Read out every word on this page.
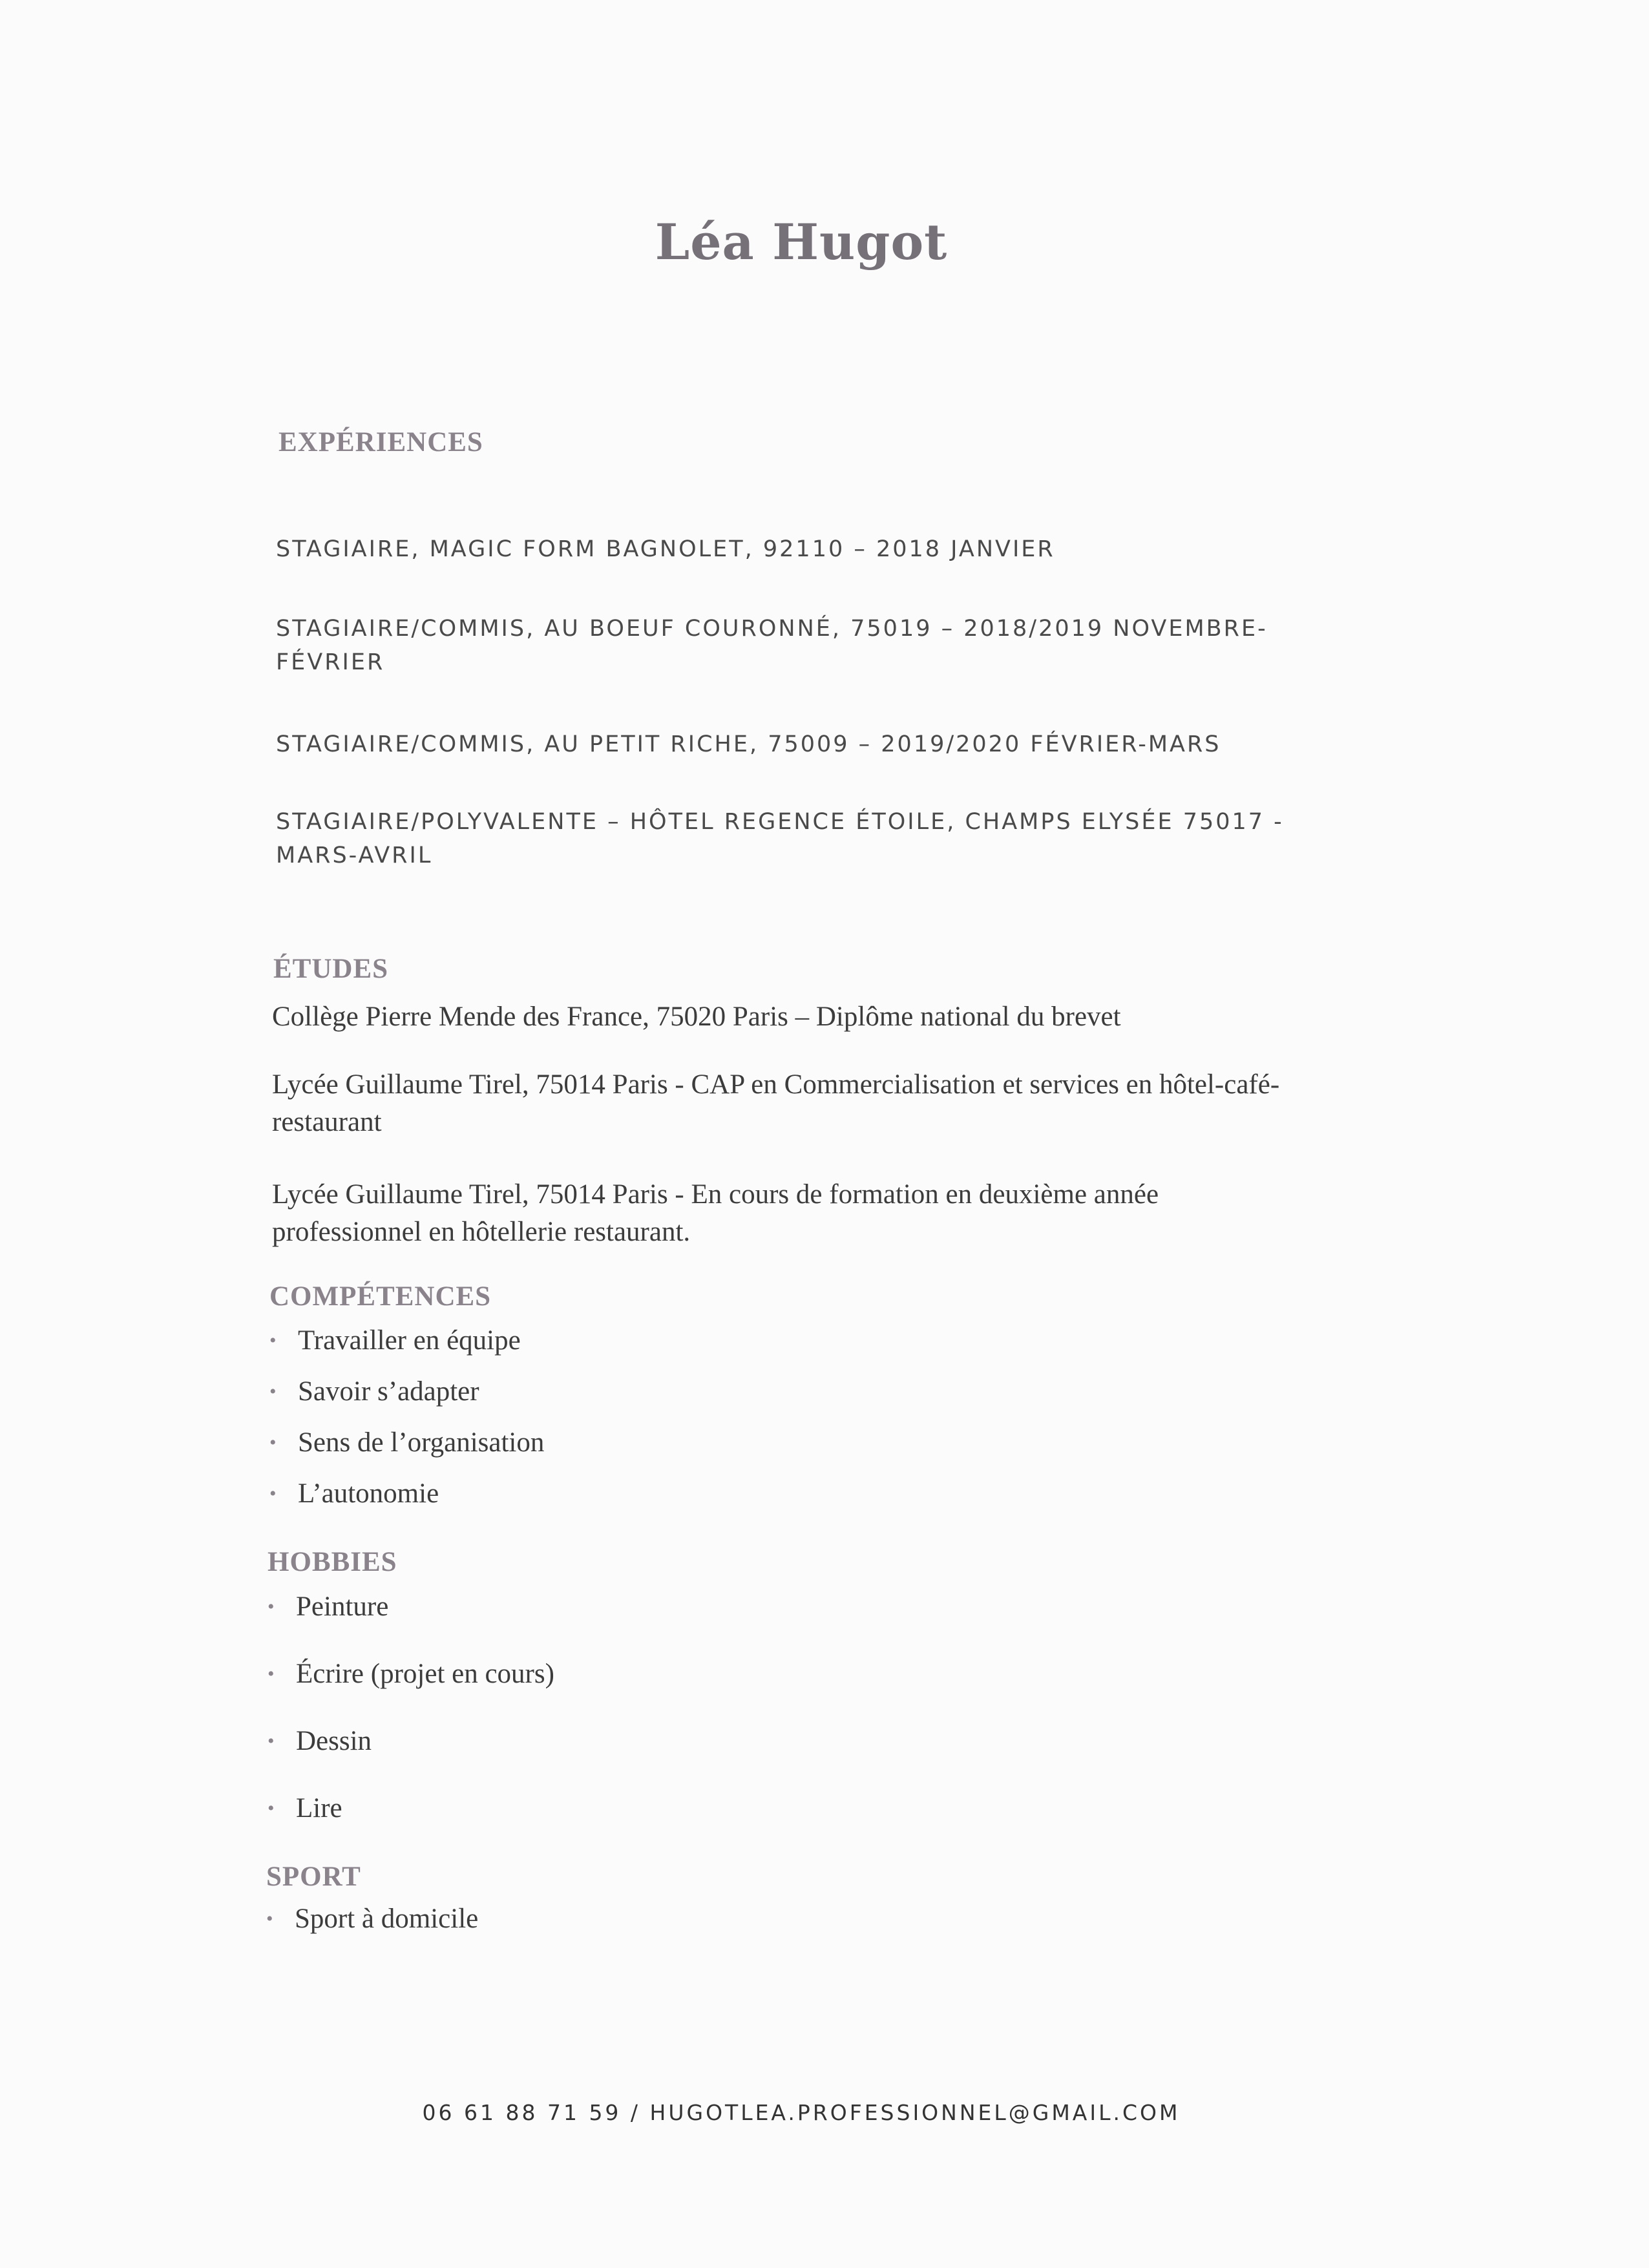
Léa Hugot
EXPÉRIENCES
STAGIAIRE, MAGIC FORM BAGNOLET, 92110 – 2018 JANVIER
STAGIAIRE/COMMIS, AU BOEUF COURONNÉ, 75019 – 2018/2019 NOVEMBRE-FÉVRIER
STAGIAIRE/COMMIS, AU PETIT RICHE, 75009 – 2019/2020 FÉVRIER-MARS
STAGIAIRE/POLYVALENTE – HÔTEL REGENCE ÉTOILE, CHAMPS ELYSÉE 75017 - MARS-AVRIL
ÉTUDES
Collège Pierre Mende des France, 75020 Paris – Diplôme national du brevet
Lycée Guillaume Tirel, 75014 Paris - CAP en Commercialisation et services en hôtel-café-restaurant
Lycée Guillaume Tirel, 75014 Paris - En cours de formation en deuxième année professionnel en hôtellerie restaurant.
COMPÉTENCES
• Travailler en équipe
• Savoir s’adapter
• Sens de l’organisation
• L’autonomie
HOBBIES
• Peinture
• Écrire (projet en cours)
• Dessin
• Lire
SPORT
• Sport à domicile
06 61 88 71 59 / HUGOTLEA.PROFESSIONNEL@GMAIL.COM
